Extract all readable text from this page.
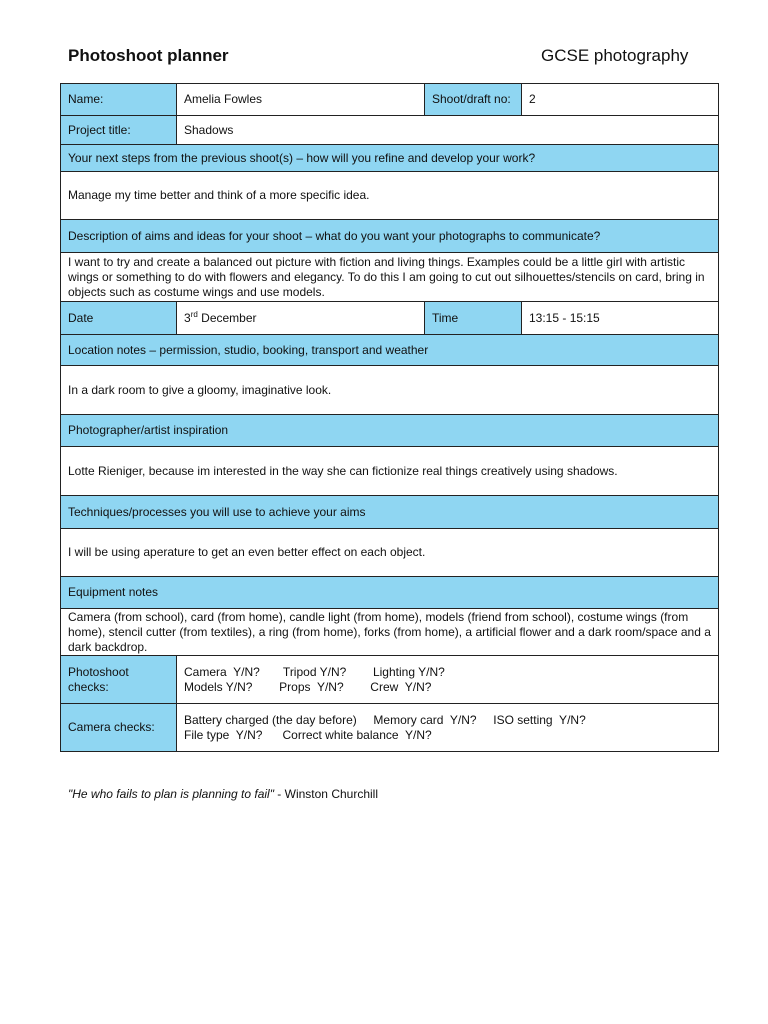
Photoshoot planner	GCSE photography
Name:	Amelia Fowles	Shoot/draft no:	2
Project title:	Shadows		
Your next steps from the previous shoot(s) – how will you refine and develop your work?			
Manage my time better and think of a more specific idea.			
Description of aims and ideas for your shoot – what do you want your photographs to communicate?			
I want to try and create a balanced out picture with fiction and living things. Examples could be a little girl with artistic wings or something to do with flowers and elegancy. To do this I am going to cut out silhouettes/stencils on card, bring in objects such as costume wings and use models.			
Date	3rd December	Time	13:15 - 15:15
Location notes – permission, studio, booking, transport and weather			
In a dark room to give a gloomy, imaginative look.			
Photographer/artist inspiration			
Lotte Rieniger, because im interested in the way she can fictionize real things creatively using shadows.			
Techniques/processes you will use to achieve your aims			
I will be using aperature to get an even better effect on each object.			
Equipment notes			
Camera (from school), card (from home), candle light (from home), models (friend from school), costume wings (from home), stencil cutter (from textiles), a ring (from home), forks (from home), a artificial flower and a dark room/space and a dark backdrop.			
Photoshoot checks:	Camera  Y/N?       Tripod Y/N?        Lighting Y/N?
Models Y/N?        Props  Y/N?        Crew  Y/N?		

Camera checks:	Battery charged (the day before)     Memory card  Y/N?     ISO setting  Y/N?
File type  Y/N?      Correct white balance  Y/N?		
"He who fails to plan is planning to fail" - Winston Churchill
